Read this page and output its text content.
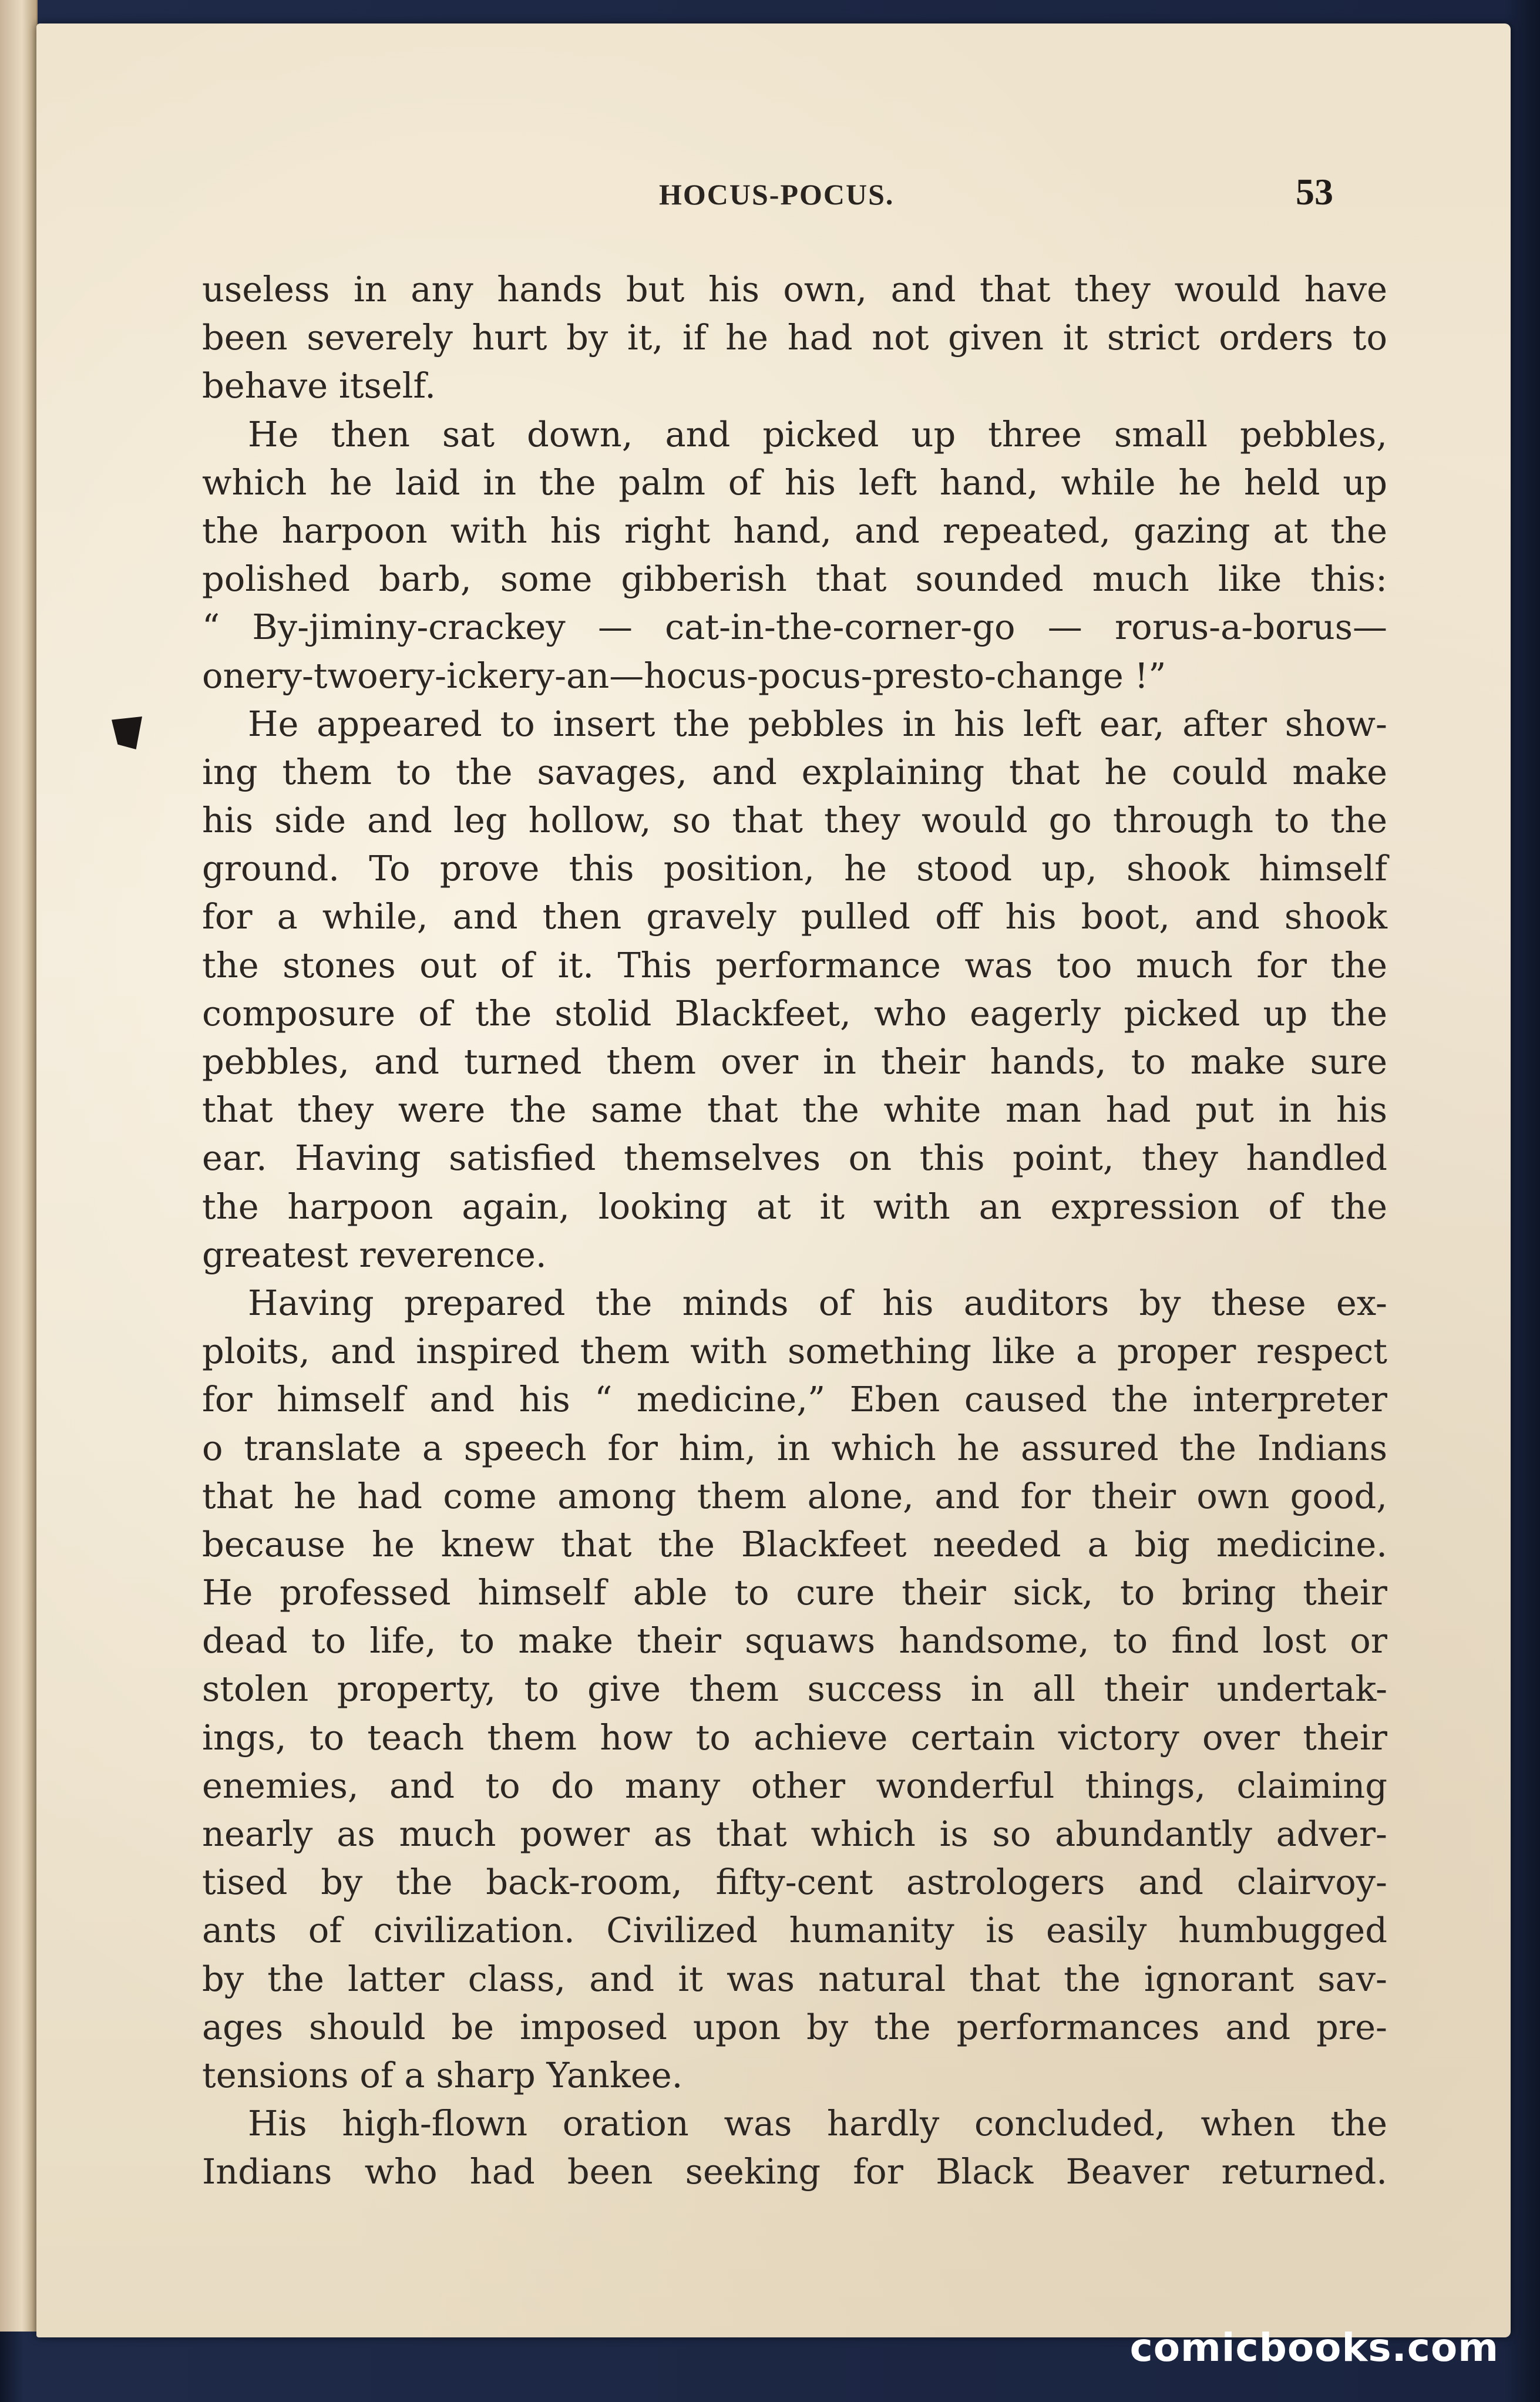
HOCUS-POCUS.	53
useless in any hands but his own, and that they would have
been severely hurt by it, if he had not given it strict orders to
behave itself.
He then sat down, and picked up three small pebbles,
which he laid in the palm of his left hand, while he held up
the harpoon with his right hand, and repeated, gazing at the
polished barb, some gibberish that sounded much like this:
“ By-jiminy-crackey — cat-in-the-corner-go — rorus-a-borus—
onery-twoery-ickery-an—hocus-pocus-presto-change !”
He appeared to insert the pebbles in his left ear, after show-
ing them to the savages, and explaining that he could make
his side and leg hollow, so that they would go through to the
ground. To prove this position, he stood up, shook himself
for a while, and then gravely pulled off his boot, and shook
the stones out of it. This performance was too much for the
composure of the stolid Blackfeet, who eagerly picked up the
pebbles, and turned them over in their hands, to make sure
that they were the same that the white man had put in his
ear. Having satisfied themselves on this point, they handled
the harpoon again, looking at it with an expression of the
greatest reverence.
Having prepared the minds of his auditors by these ex-
ploits, and inspired them with something like a proper respect
for himself and his “ medicine,” Eben caused the interpreter
o translate a speech for him, in which he assured the Indians
that he had come among them alone, and for their own good,
because he knew that the Blackfeet needed a big medicine.
He professed himself able to cure their sick, to bring their
dead to life, to make their squaws handsome, to find lost or
stolen property, to give them success in all their undertak-
ings, to teach them how to achieve certain victory over their
enemies, and to do many other wonderful things, claiming
nearly as much power as that which is so abundantly adver-
tised by the back-room, fifty-cent astrologers and clairvoy-
ants of civilization. Civilized humanity is easily humbugged
by the latter class, and it was natural that the ignorant sav-
ages should be imposed upon by the performances and pre-
tensions of a sharp Yankee.
His high-flown oration was hardly concluded, when the
Indians who had been seeking for Black Beaver returned.
comicbooks.com
